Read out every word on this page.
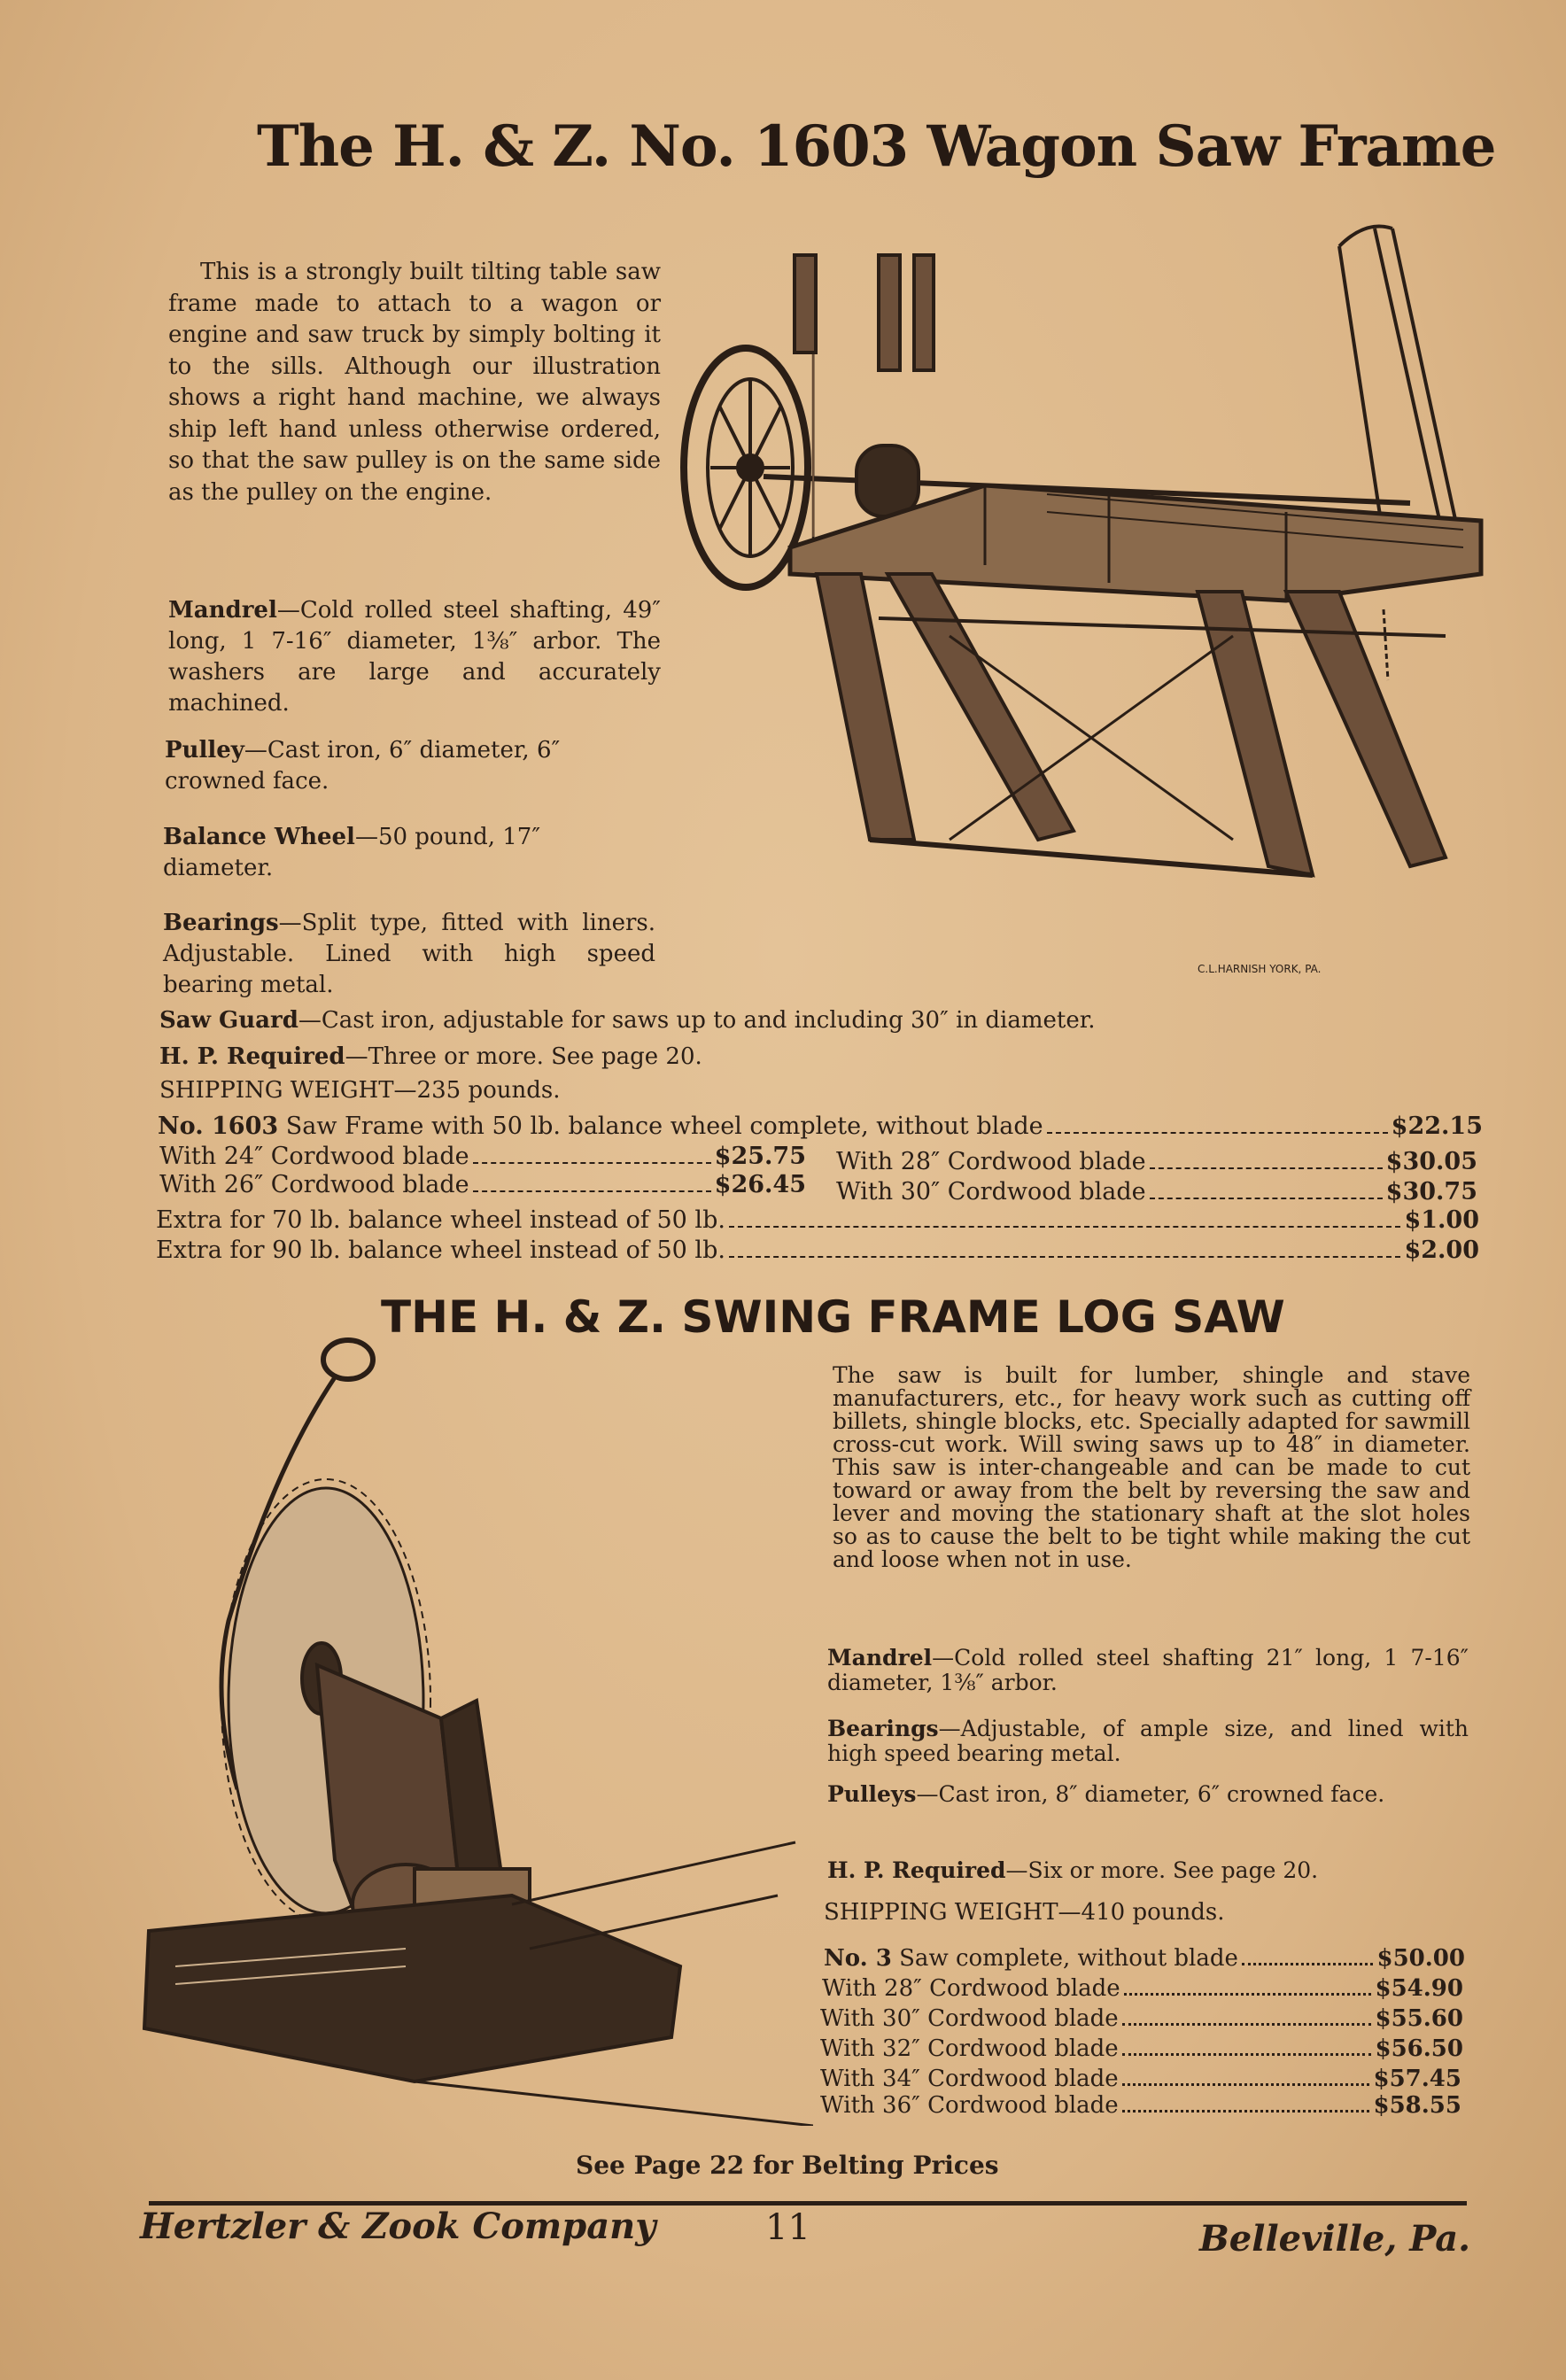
The H. & Z. No. 1603 Wagon Saw Frame
C.L.HARNISH YORK, PA.
This is a strongly built tilting table saw frame made to attach to a wagon or engine and saw truck by simply bolting it to the sills. Although our illustration shows a right hand machine, we always ship left hand unless otherwise ordered, so that the saw pulley is on the same side as the pulley on the engine.
Mandrel—Cold rolled steel shafting, 49″ long, 1 7-16″ diameter, 1⅜″ arbor. The washers are large and accurately machined.
Pulley—Cast iron, 6″ diameter, 6″ crowned face.
Balance Wheel—50 pound, 17″ diameter.
Bearings—Split type, fitted with liners. Adjustable. Lined with high speed bearing metal.
Saw Guard—Cast iron, adjustable for saws up to and including 30″ in diameter.
H. P. Required—Three or more. See page 20.
SHIPPING WEIGHT—235 pounds.
No. 1603
Saw Frame with 50 lb. balance wheel complete, without blade	$22.15
With 24″ Cordwood blade	$25.75 With 28″ Cordwood blade	$30.05
With 26″ Cordwood blade	$26.45 With 30″ Cordwood blade	$30.75
Extra for 70 lb. balance wheel instead of 50 lb.	$1.00
Extra for 90 lb. balance wheel instead of 50 lb.	$2.00
THE H. & Z. SWING FRAME LOG SAW
The saw is built for lumber, shingle and stave manufacturers, etc., for heavy work such as cutting off billets, shingle blocks, etc. Specially adapted for sawmill cross-cut work. Will swing saws up to 48″ in diameter. This saw is inter-changeable and can be made to cut toward or away from the belt by reversing the saw and lever and moving the stationary shaft at the slot holes so as to cause the belt to be tight while making the cut and loose when not in use.
Mandrel—Cold rolled steel shafting 21″ long, 1 7-16″ diameter, 1⅜″ arbor.
Bearings—Adjustable, of ample size, and lined with high speed bearing metal.
Pulleys—Cast iron, 8″ diameter, 6″ crowned face.
H. P. Required—Six or more. See page 20.
SHIPPING WEIGHT—410 pounds.
No. 3
Saw complete, without blade	$50.00
With 28″ Cordwood blade	$54.90
With 30″ Cordwood blade	$55.60
With 32″ Cordwood blade	$56.50
With 34″ Cordwood blade	$57.45
With 36″ Cordwood blade	$58.55
See Page 22 for Belting Prices
Hertzler & Zook Company	11	Belleville, Pa.
